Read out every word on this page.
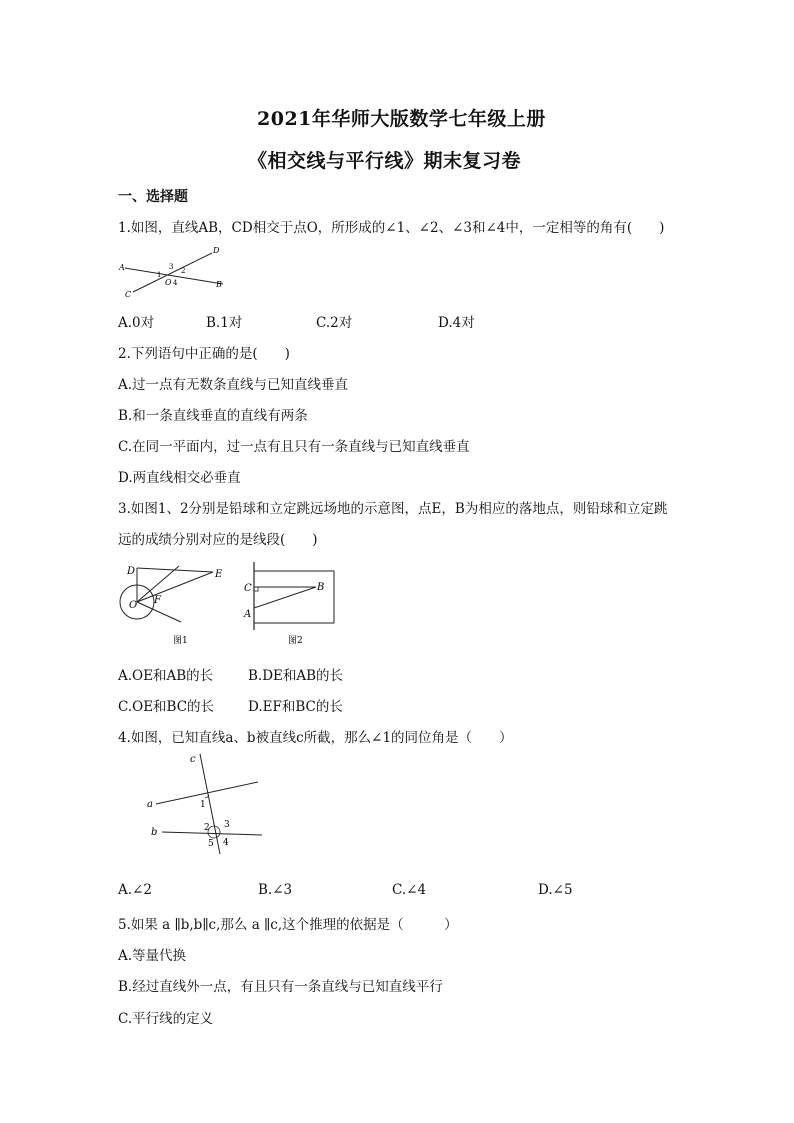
2021年华师大版数学七年级上册
《相交线与平行线》期末复习卷
一、选择题
1.如图，直线AB，CD相交于点O，所形成的∠1、∠2、∠3和∠4中，一定相等的角有(　　)
A
B
C
D
O
1	2
3
4
A.0对	B.1对	C.2对	D.4对
2.下列语句中正确的是(　　)
A.过一点有无数条直线与已知直线垂直
B.和一条直线垂直的直线有两条
C.在同一平面内，过一点有且只有一条直线与已知直线垂直
D.两直线相交必垂直
3.如图1、2分别是铅球和立定跳远场地的示意图，点E，B为相应的落地点，则铅球和立定跳
远的成绩分别对应的是线段(　　)
D	E
O F
图1
C	B
A
图2
A.OE和AB的长	B.DE和AB的长
C.OE和BC的长	D.EF和BC的长
4.如图，已知直线a、b被直线c所截，那么∠1的同位角是（　　）
c
a
b
1
2 3
4
5
A.∠2	B.∠3	C.∠4	D.∠5
5.如果 a ∥b,b∥c,那么 a ∥c,这个推理的依据是（　　　）
A.等量代换
B.经过直线外一点，有且只有一条直线与已知直线平行
C.平行线的定义
